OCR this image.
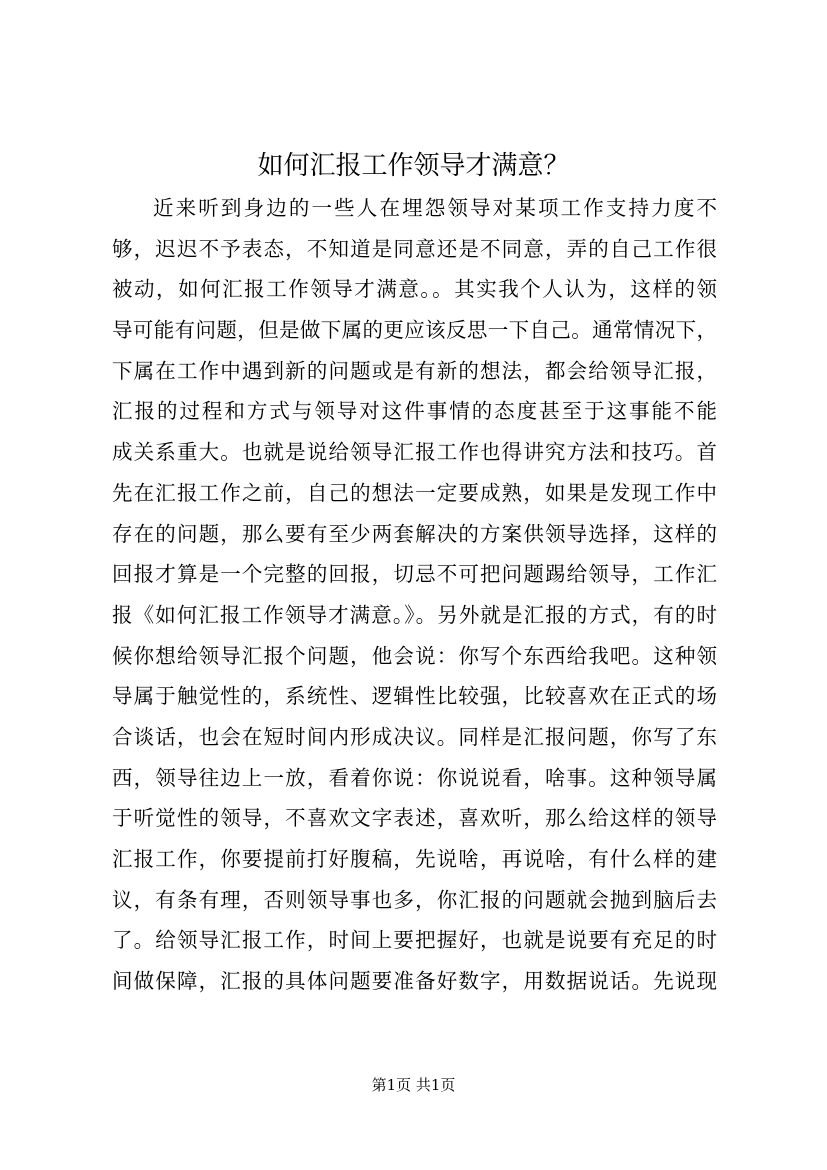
如何汇报工作领导才满意？
近来听到身边的一些人在埋怨领导对某项工作支持力度不
够，迟迟不予表态，不知道是同意还是不同意，弄的自己工作很
被动，如何汇报工作领导才满意。。其实我个人认为，这样的领
导可能有问题，但是做下属的更应该反思一下自己。通常情况下，
下属在工作中遇到新的问题或是有新的想法，都会给领导汇报，
汇报的过程和方式与领导对这件事情的态度甚至于这事能不能
成关系重大。也就是说给领导汇报工作也得讲究方法和技巧。首
先在汇报工作之前，自己的想法一定要成熟，如果是发现工作中
存在的问题，那么要有至少两套解决的方案供领导选择，这样的
回报才算是一个完整的回报，切忌不可把问题踢给领导，工作汇
报《如何汇报工作领导才满意。》。另外就是汇报的方式，有的时
候你想给领导汇报个问题，他会说：你写个东西给我吧。这种领
导属于触觉性的，系统性、逻辑性比较强，比较喜欢在正式的场
合谈话，也会在短时间内形成决议。同样是汇报问题，你写了东
西，领导往边上一放，看着你说：你说说看，啥事。这种领导属
于听觉性的领导，不喜欢文字表述，喜欢听，那么给这样的领导
汇报工作，你要提前打好腹稿，先说啥，再说啥，有什么样的建
议，有条有理，否则领导事也多，你汇报的问题就会抛到脑后去
了。给领导汇报工作，时间上要把握好，也就是说要有充足的时
间做保障，汇报的具体问题要准备好数字，用数据说话。先说现
第1页 共1页
